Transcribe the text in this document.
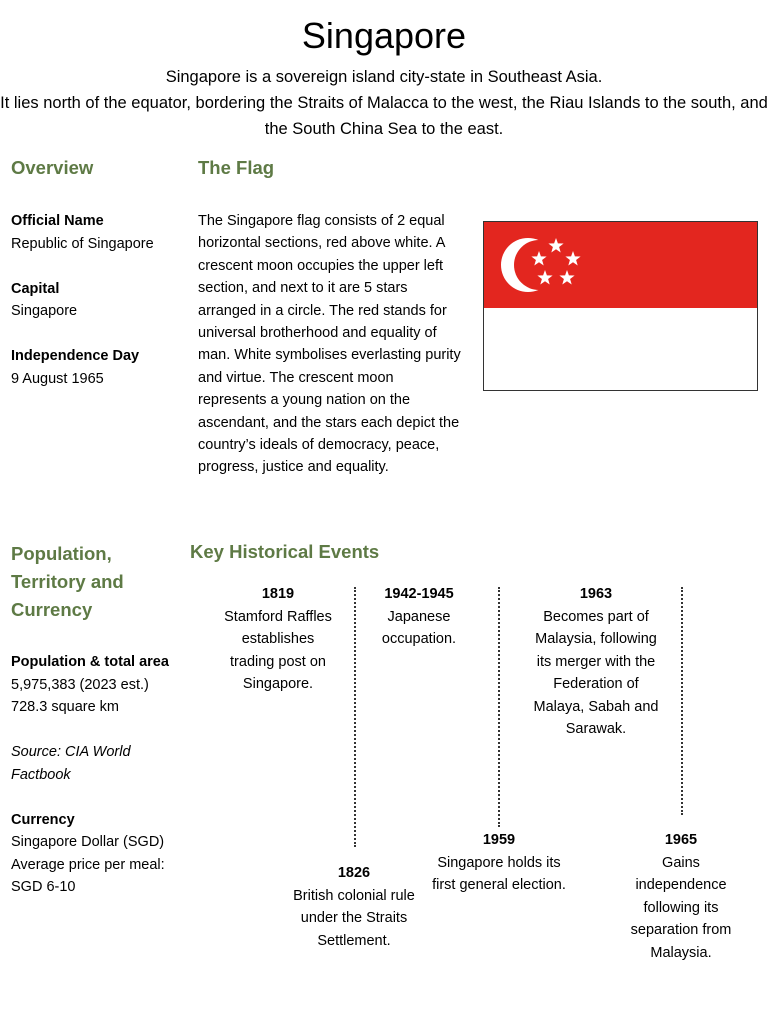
Singapore

Singapore is a sovereign island city-state in Southeast Asia.

It lies north of the equator, bordering the Straits of Malacca to the west, the Riau Islands to the south, and the South China Sea to the east.

Overview
Official Name
Republic of Singapore
Capital
Singapore
Independence Day
9 August 1965
The Flag
The Singapore flag consists of 2 equal horizontal sections, red above white. A crescent moon occupies the upper left section, and next to it are 5 stars arranged in a circle. The red stands for universal brotherhood and equality of man. White symbolises everlasting purity and virtue. The crescent moon represents a young nation on the ascendant, and the stars each depict the country’s ideals of democracy, peace, progress, justice and equality.
Population, Territory and Currency
Population & total area
5,975,383 (2023 est.)
728.3 square km
Source: CIA World Factbook
Currency
Singapore Dollar (SGD)
Average price per meal: SGD 6-10
Key Historical Events
1819
Stamford Raffles establishes trading post on Singapore.
1942-1945
Japanese occupation.
1963
Becomes part of Malaysia, following its merger with the Federation of Malaya, Sabah and Sarawak.
1826
British colonial rule under the Straits Settlement.
1959
Singapore holds its first general election.
1965
Gains independence following its separation from Malaysia.
